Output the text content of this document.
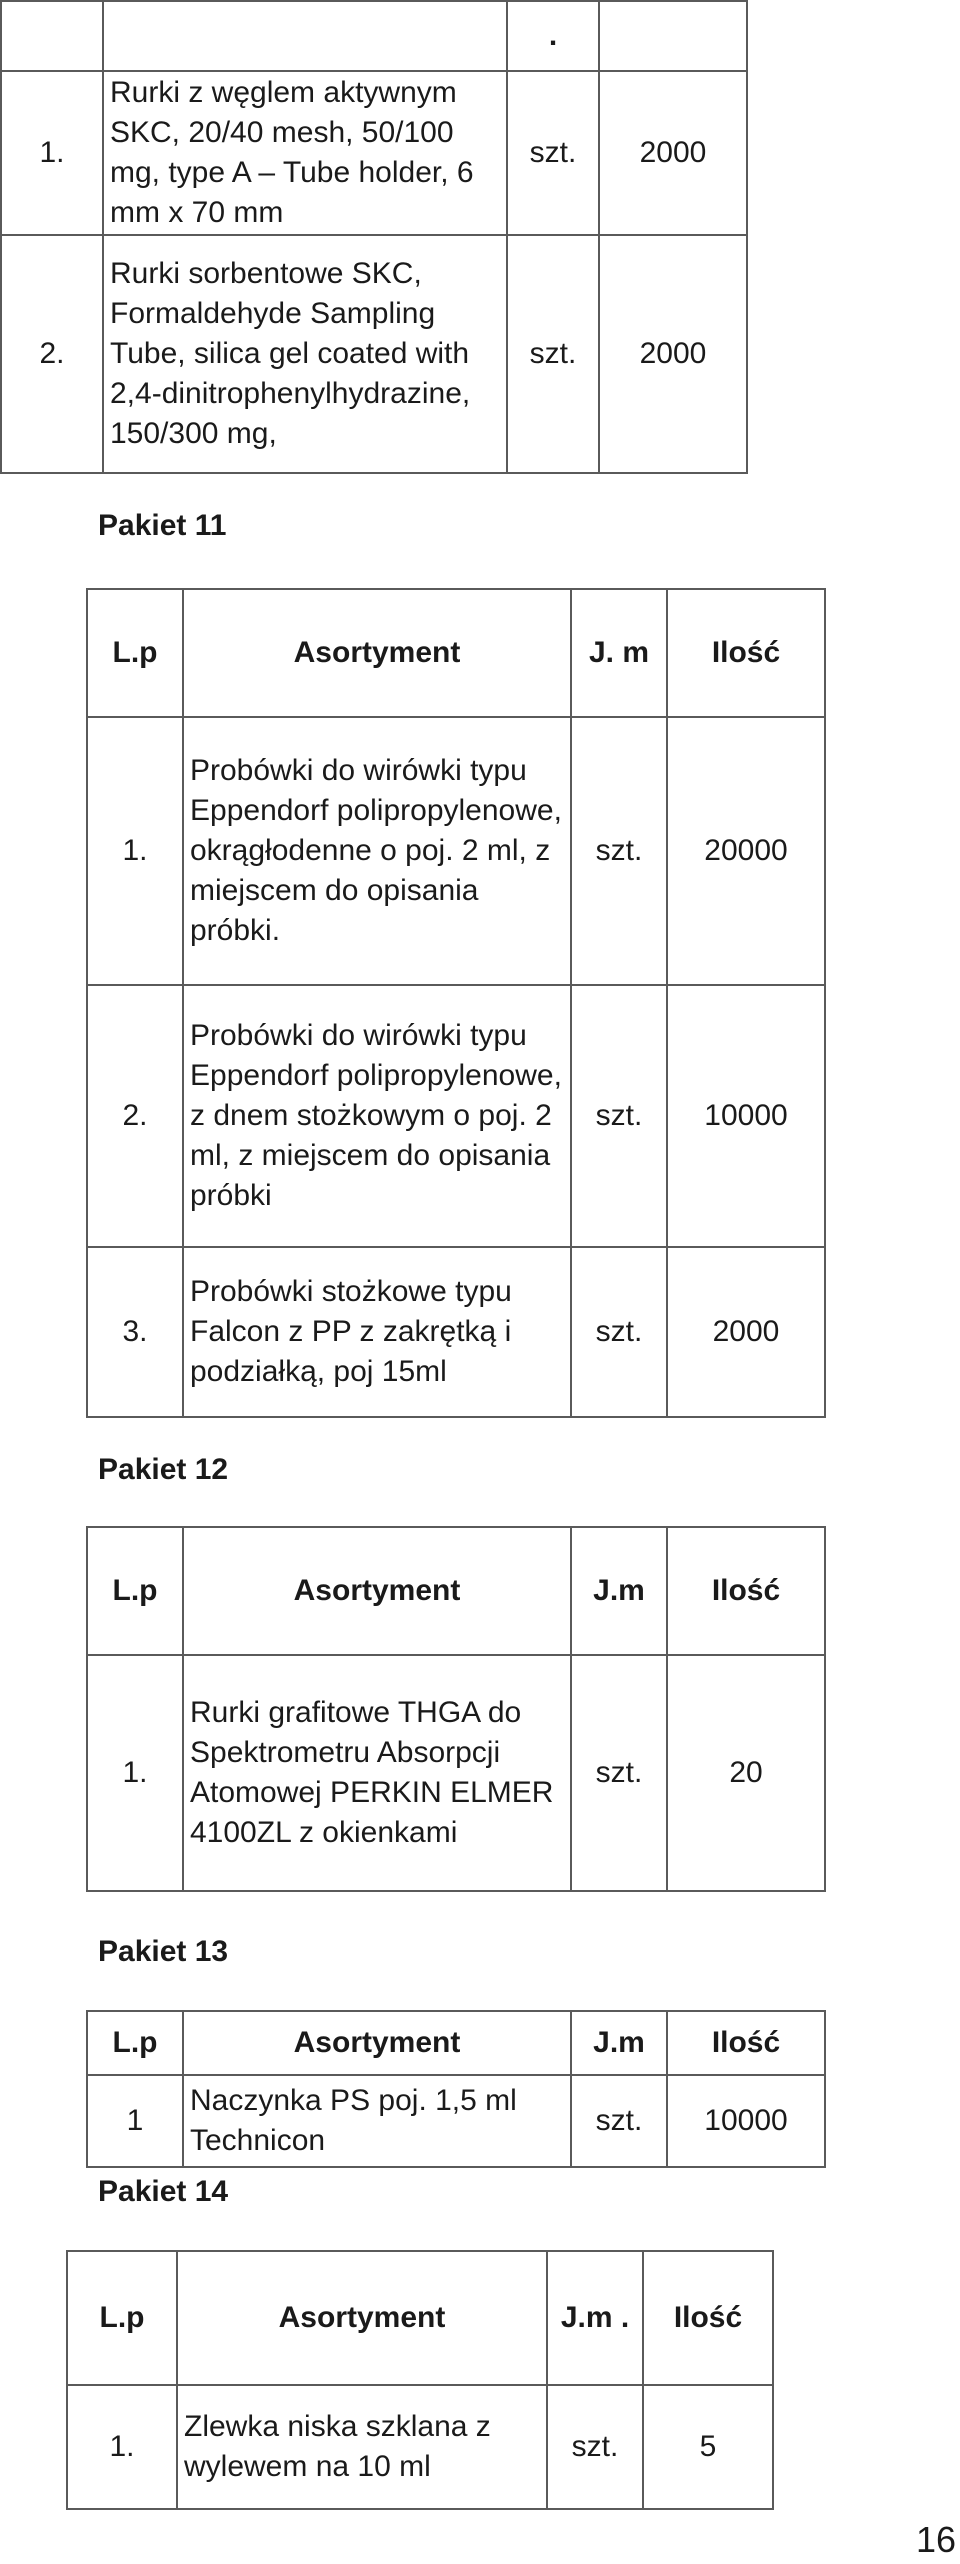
		.	
1.	Rurki z węglem aktywnym SKC, 20/40 mesh, 50/100 mg, type A – Tube holder, 6 mm x 70 mm	szt.	2000
2.	Rurki sorbentowe SKC, Formaldehyde Sampling Tube, silica gel coated with 2,4-dinitrophenylhydrazine, 150/300 mg,	szt.	2000
Pakiet 11
L.p	Asortyment	J. m	Ilość
1.	Probówki do wirówki typu Eppendorf polipropylenowe, okrągłodenne o poj. 2 ml, z miejscem do opisania próbki.	szt.	20000
2.	Probówki do wirówki typu Eppendorf polipropylenowe, z dnem stożkowym o poj. 2 ml, z miejscem do opisania próbki	szt.	10000
3.	Probówki stożkowe typu Falcon z PP z zakrętką i podziałką, poj 15ml	szt.	2000
Pakiet 12
L.p	Asortyment	J.m	Ilość
1.	Rurki grafitowe THGA do Spektrometru Absorpcji Atomowej PERKIN ELMER 4100ZL z okienkami	szt.	20
Pakiet 13
L.p	Asortyment	J.m	Ilość
1	Naczynka PS poj. 1,5 ml Technicon	szt.	10000
Pakiet 14
L.p	Asortyment	J.m .	Ilość
1.	Zlewka niska szklana z wylewem na 10 ml	szt.	5
16
